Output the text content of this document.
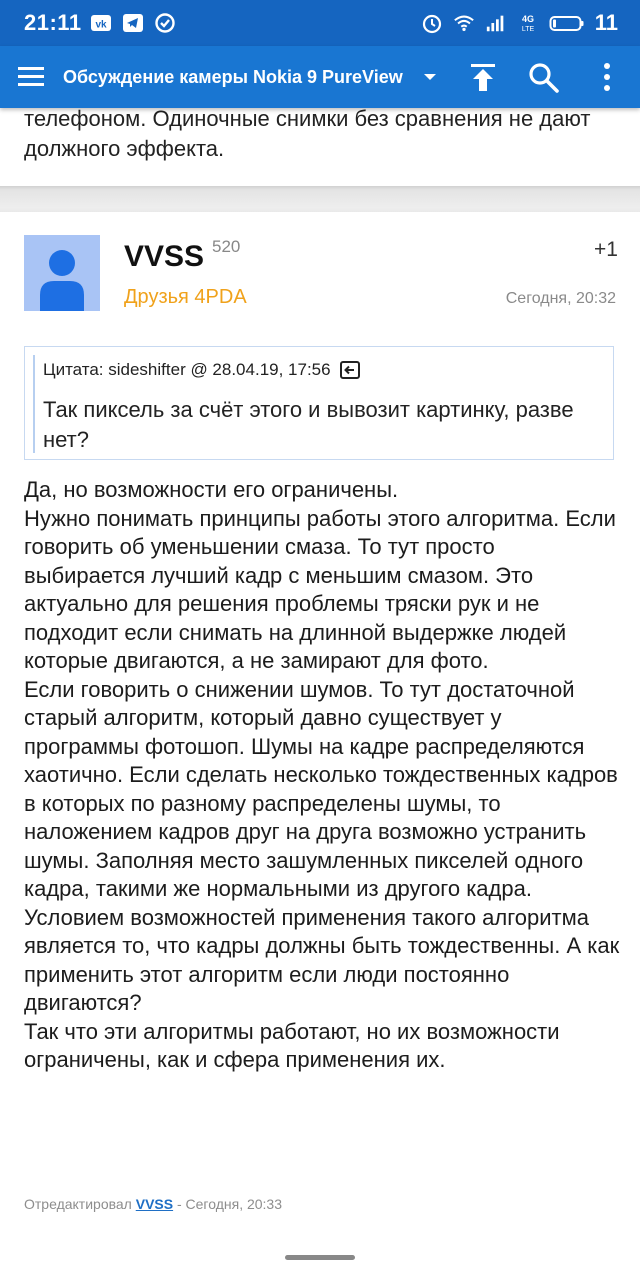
21:11 vk
4G
LTE	11
Обсуждение камеры Nokia 9 PureView
телефоном. Одиночные снимки без сравнения не дают должного эффекта.
VVSS 520
Друзья 4PDA
+1
Сегодня, 20:32
Цитата: sideshifter @ 28.04.19, 17:56
Так пиксель за счёт этого и вывозит картинку, разве нет?
Да, но возможности его ограничены.
Нужно понимать принципы работы этого алгоритма. Если говорить об уменьшении смаза. То тут просто выбирается лучший кадр с меньшим смазом. Это актуально для решения проблемы тряски рук и не подходит если снимать на длинной выдержке людей которые двигаются, а не замирают для фото.
Если говорить о снижении шумов. То тут достаточной старый алгоритм, который давно существует у программы фотошоп. Шумы на кадре распределяются хаотично. Если сделать несколько тождественных кадров в которых по разному распределены шумы, то наложением кадров друг на друга возможно устранить шумы. Заполняя место зашумленных пикселей одного кадра, такими же нормальными из другого кадра. Условием возможностей применения такого алгоритма является то, что кадры должны быть тождественны. А как применить этот алгоритм если люди постоянно двигаются?
Так что эти алгоритмы работают, но их возможности ограничены, как и сфера применения их.
Отредактировал VVSS - Сегодня, 20:33
